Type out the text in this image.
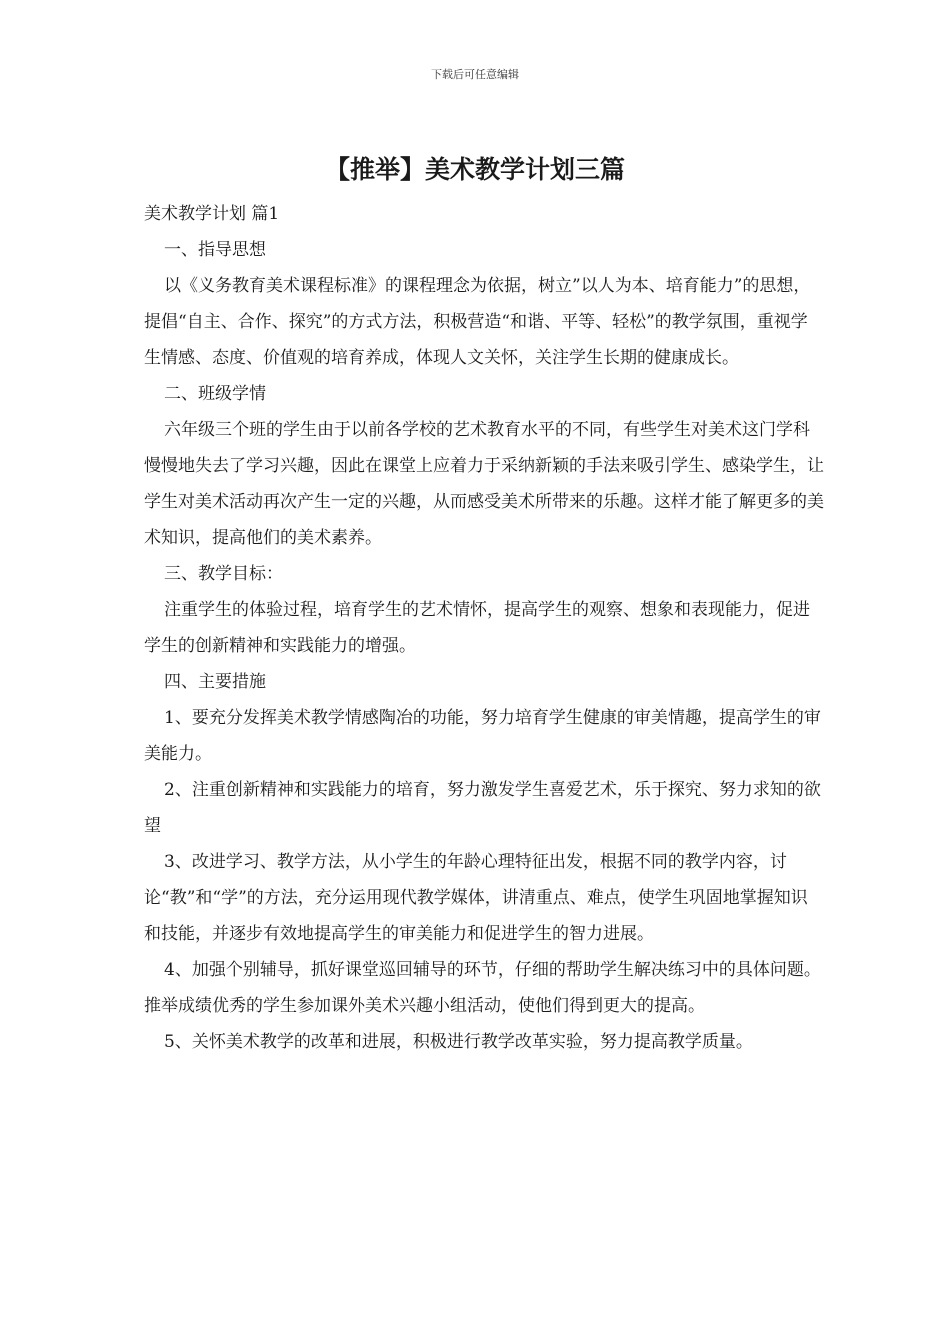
下载后可任意编辑
【推举】美术教学计划三篇

美术教学计划 篇1

一、指导思想

以《义务教育美术课程标准》的课程理念为依据，树立”以人为本、培育能力”的思想，提倡“自主、合作、探究”的方式方法，积极营造“和谐、平等、轻松”的教学氛围，重视学生情感、态度、价值观的培育养成，体现人文关怀，关注学生长期的健康成长。

二、班级学情

六年级三个班的学生由于以前各学校的艺术教育水平的不同，有些学生对美术这门学科慢慢地失去了学习兴趣，因此在课堂上应着力于采纳新颖的手法来吸引学生、感染学生，让学生对美术活动再次产生一定的兴趣，从而感受美术所带来的乐趣。这样才能了解更多的美术知识，提高他们的美术素养。

三、教学目标：

注重学生的体验过程，培育学生的艺术情怀，提高学生的观察、想象和表现能力，促进学生的创新精神和实践能力的增强。

四、主要措施

1、要充分发挥美术教学情感陶冶的功能，努力培育学生健康的审美情趣，提高学生的审美能力。

2、注重创新精神和实践能力的培育，努力激发学生喜爱艺术，乐于探究、努力求知的欲望

3、改进学习、教学方法，从小学生的年龄心理特征出发，根据不同的教学内容，讨论“教”和“学”的方法，充分运用现代教学媒体，讲清重点、难点，使学生巩固地掌握知识和技能，并逐步有效地提高学生的审美能力和促进学生的智力进展。

4、加强个别辅导，抓好课堂巡回辅导的环节，仔细的帮助学生解决练习中的具体问题。推举成绩优秀的学生参加课外美术兴趣小组活动，使他们得到更大的提高。

5、关怀美术教学的改革和进展，积极进行教学改革实验，努力提高教学质量。
